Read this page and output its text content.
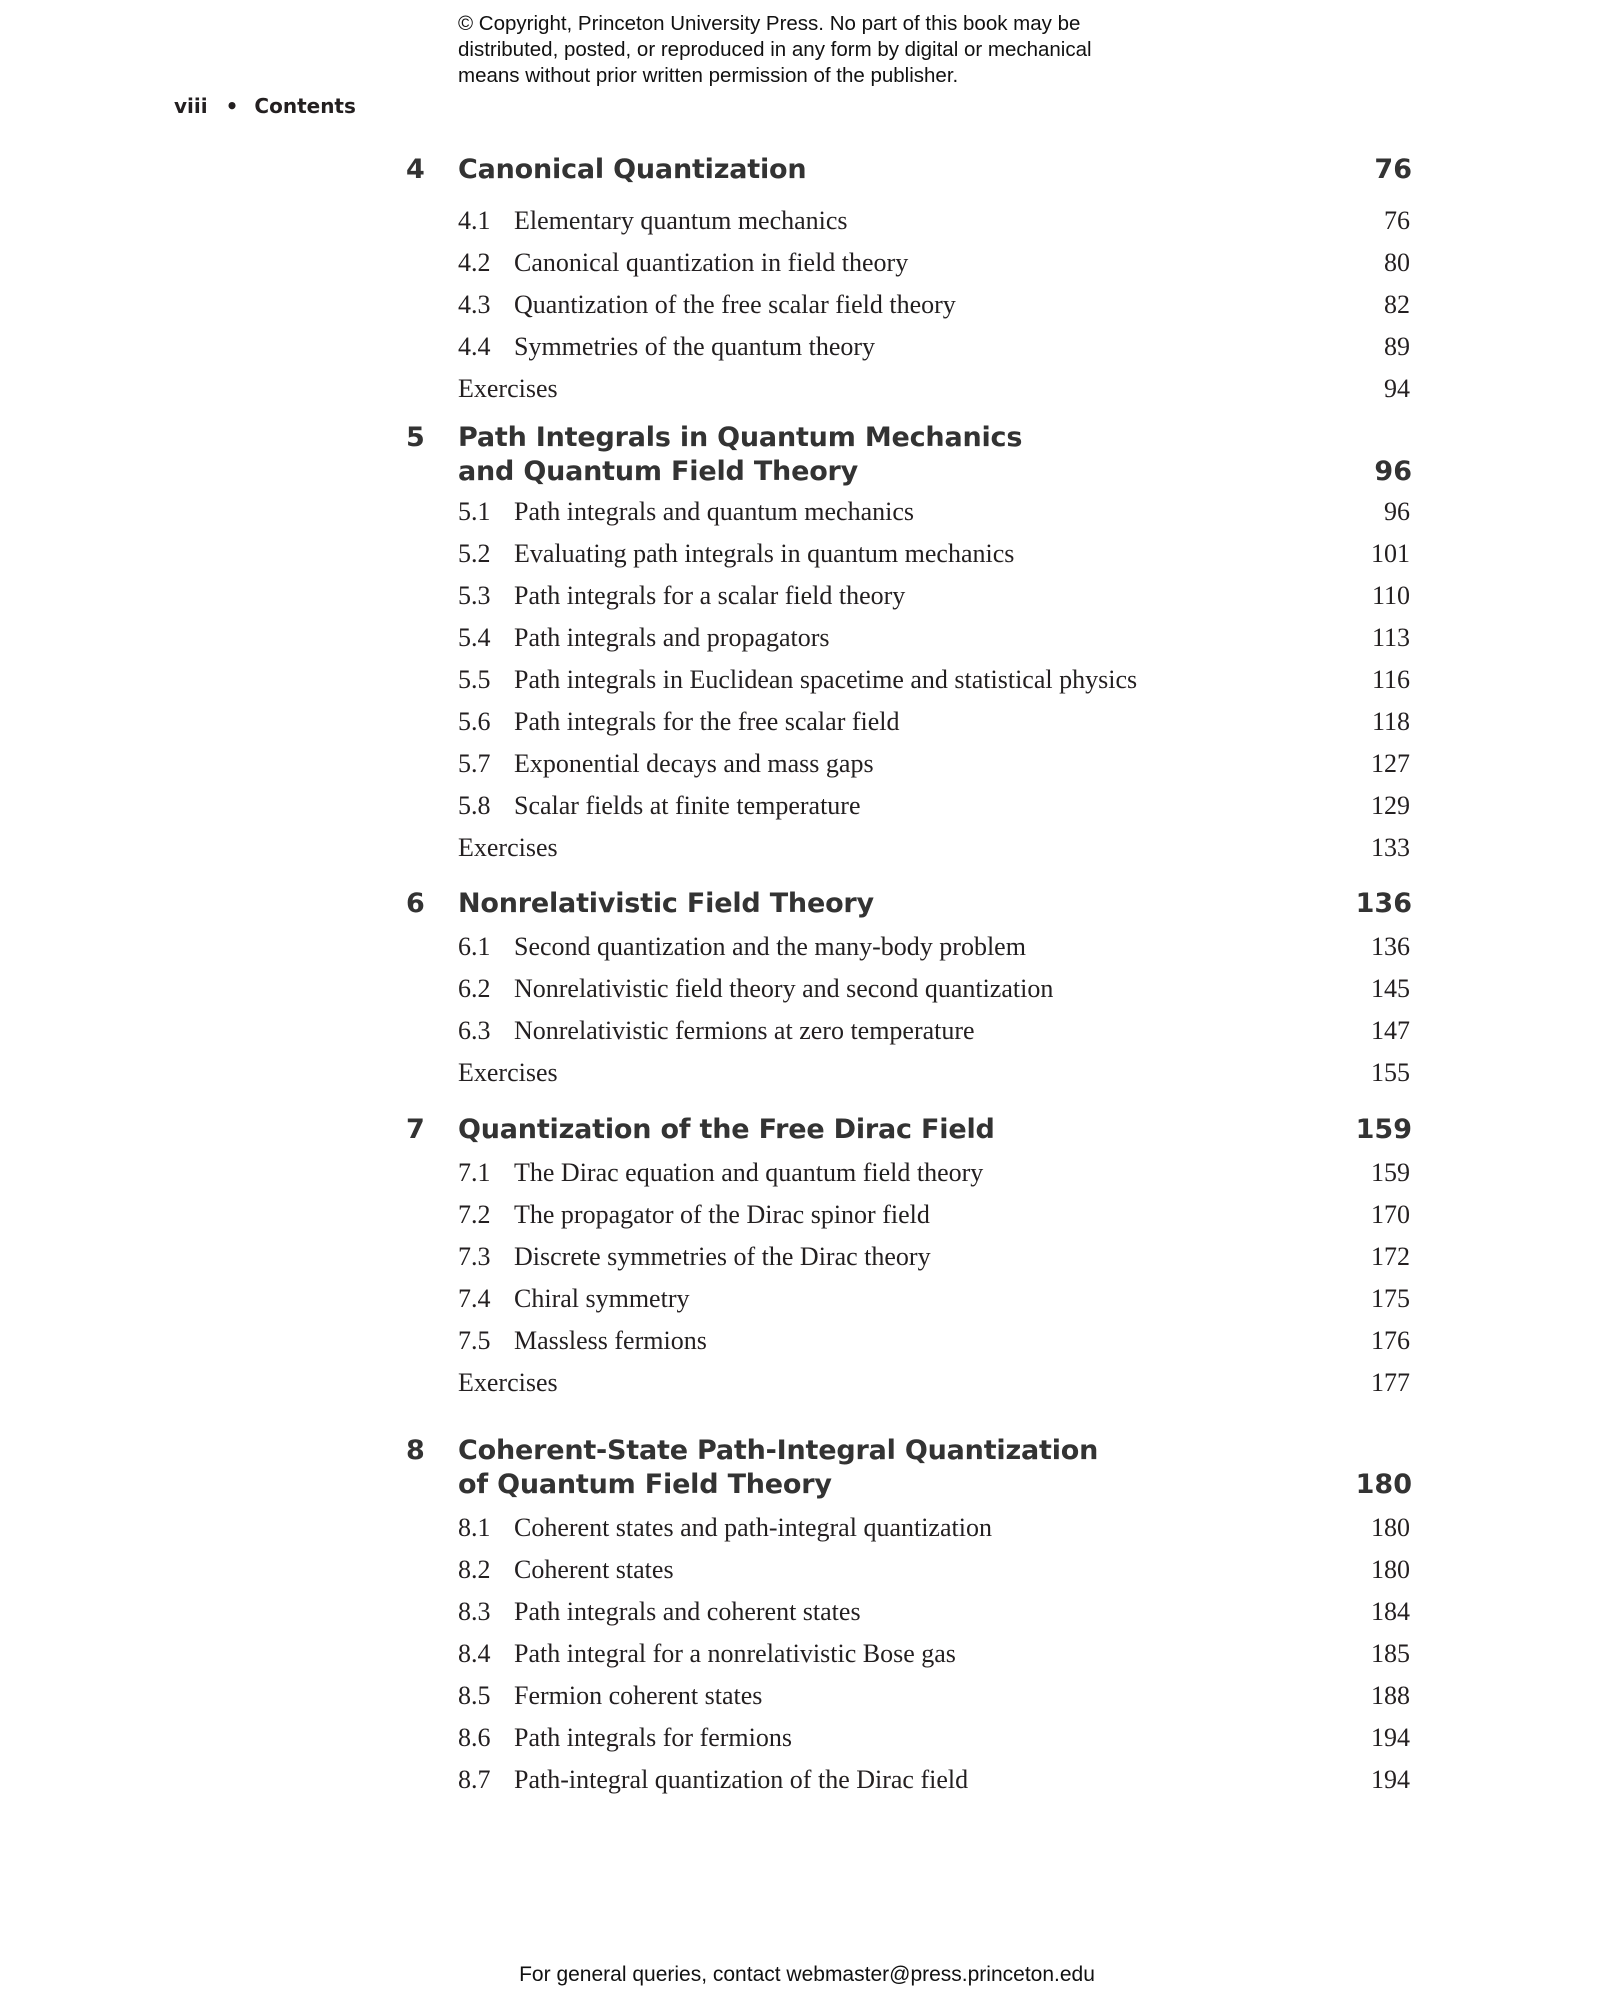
© Copyright, Princeton University Press. No part of this book may be
distributed, posted, or reproduced in any form by digital or mechanical
means without prior written permission of the publisher.
viii • Contents
4 Canonical Quantization	76
4.1 Elementary quantum mechanics	76
4.2 Canonical quantization in field theory	80
4.3 Quantization of the free scalar field theory	82
4.4 Symmetries of the quantum theory	89
Exercises	94
5 Path Integrals in Quantum Mechanics
and Quantum Field Theory	96
5.1 Path integrals and quantum mechanics	96
5.2 Evaluating path integrals in quantum mechanics	101
5.3 Path integrals for a scalar field theory	110
5.4 Path integrals and propagators	113
5.5 Path integrals in Euclidean spacetime and statistical physics	116
5.6 Path integrals for the free scalar field	118
5.7 Exponential decays and mass gaps	127
5.8 Scalar fields at finite temperature	129
Exercises	133
6 Nonrelativistic Field Theory	136
6.1 Second quantization and the many-body problem	136
6.2 Nonrelativistic field theory and second quantization	145
6.3 Nonrelativistic fermions at zero temperature	147
Exercises	155
7 Quantization of the Free Dirac Field	159
7.1 The Dirac equation and quantum field theory	159
7.2 The propagator of the Dirac spinor field	170
7.3 Discrete symmetries of the Dirac theory	172
7.4 Chiral symmetry	175
7.5 Massless fermions	176
Exercises	177
8 Coherent-State Path-Integral Quantization
of Quantum Field Theory	180
8.1 Coherent states and path-integral quantization	180
8.2 Coherent states	180
8.3 Path integrals and coherent states	184
8.4 Path integral for a nonrelativistic Bose gas	185
8.5 Fermion coherent states	188
8.6 Path integrals for fermions	194
8.7 Path-integral quantization of the Dirac field	194
For general queries, contact webmaster@press.princeton.edu
